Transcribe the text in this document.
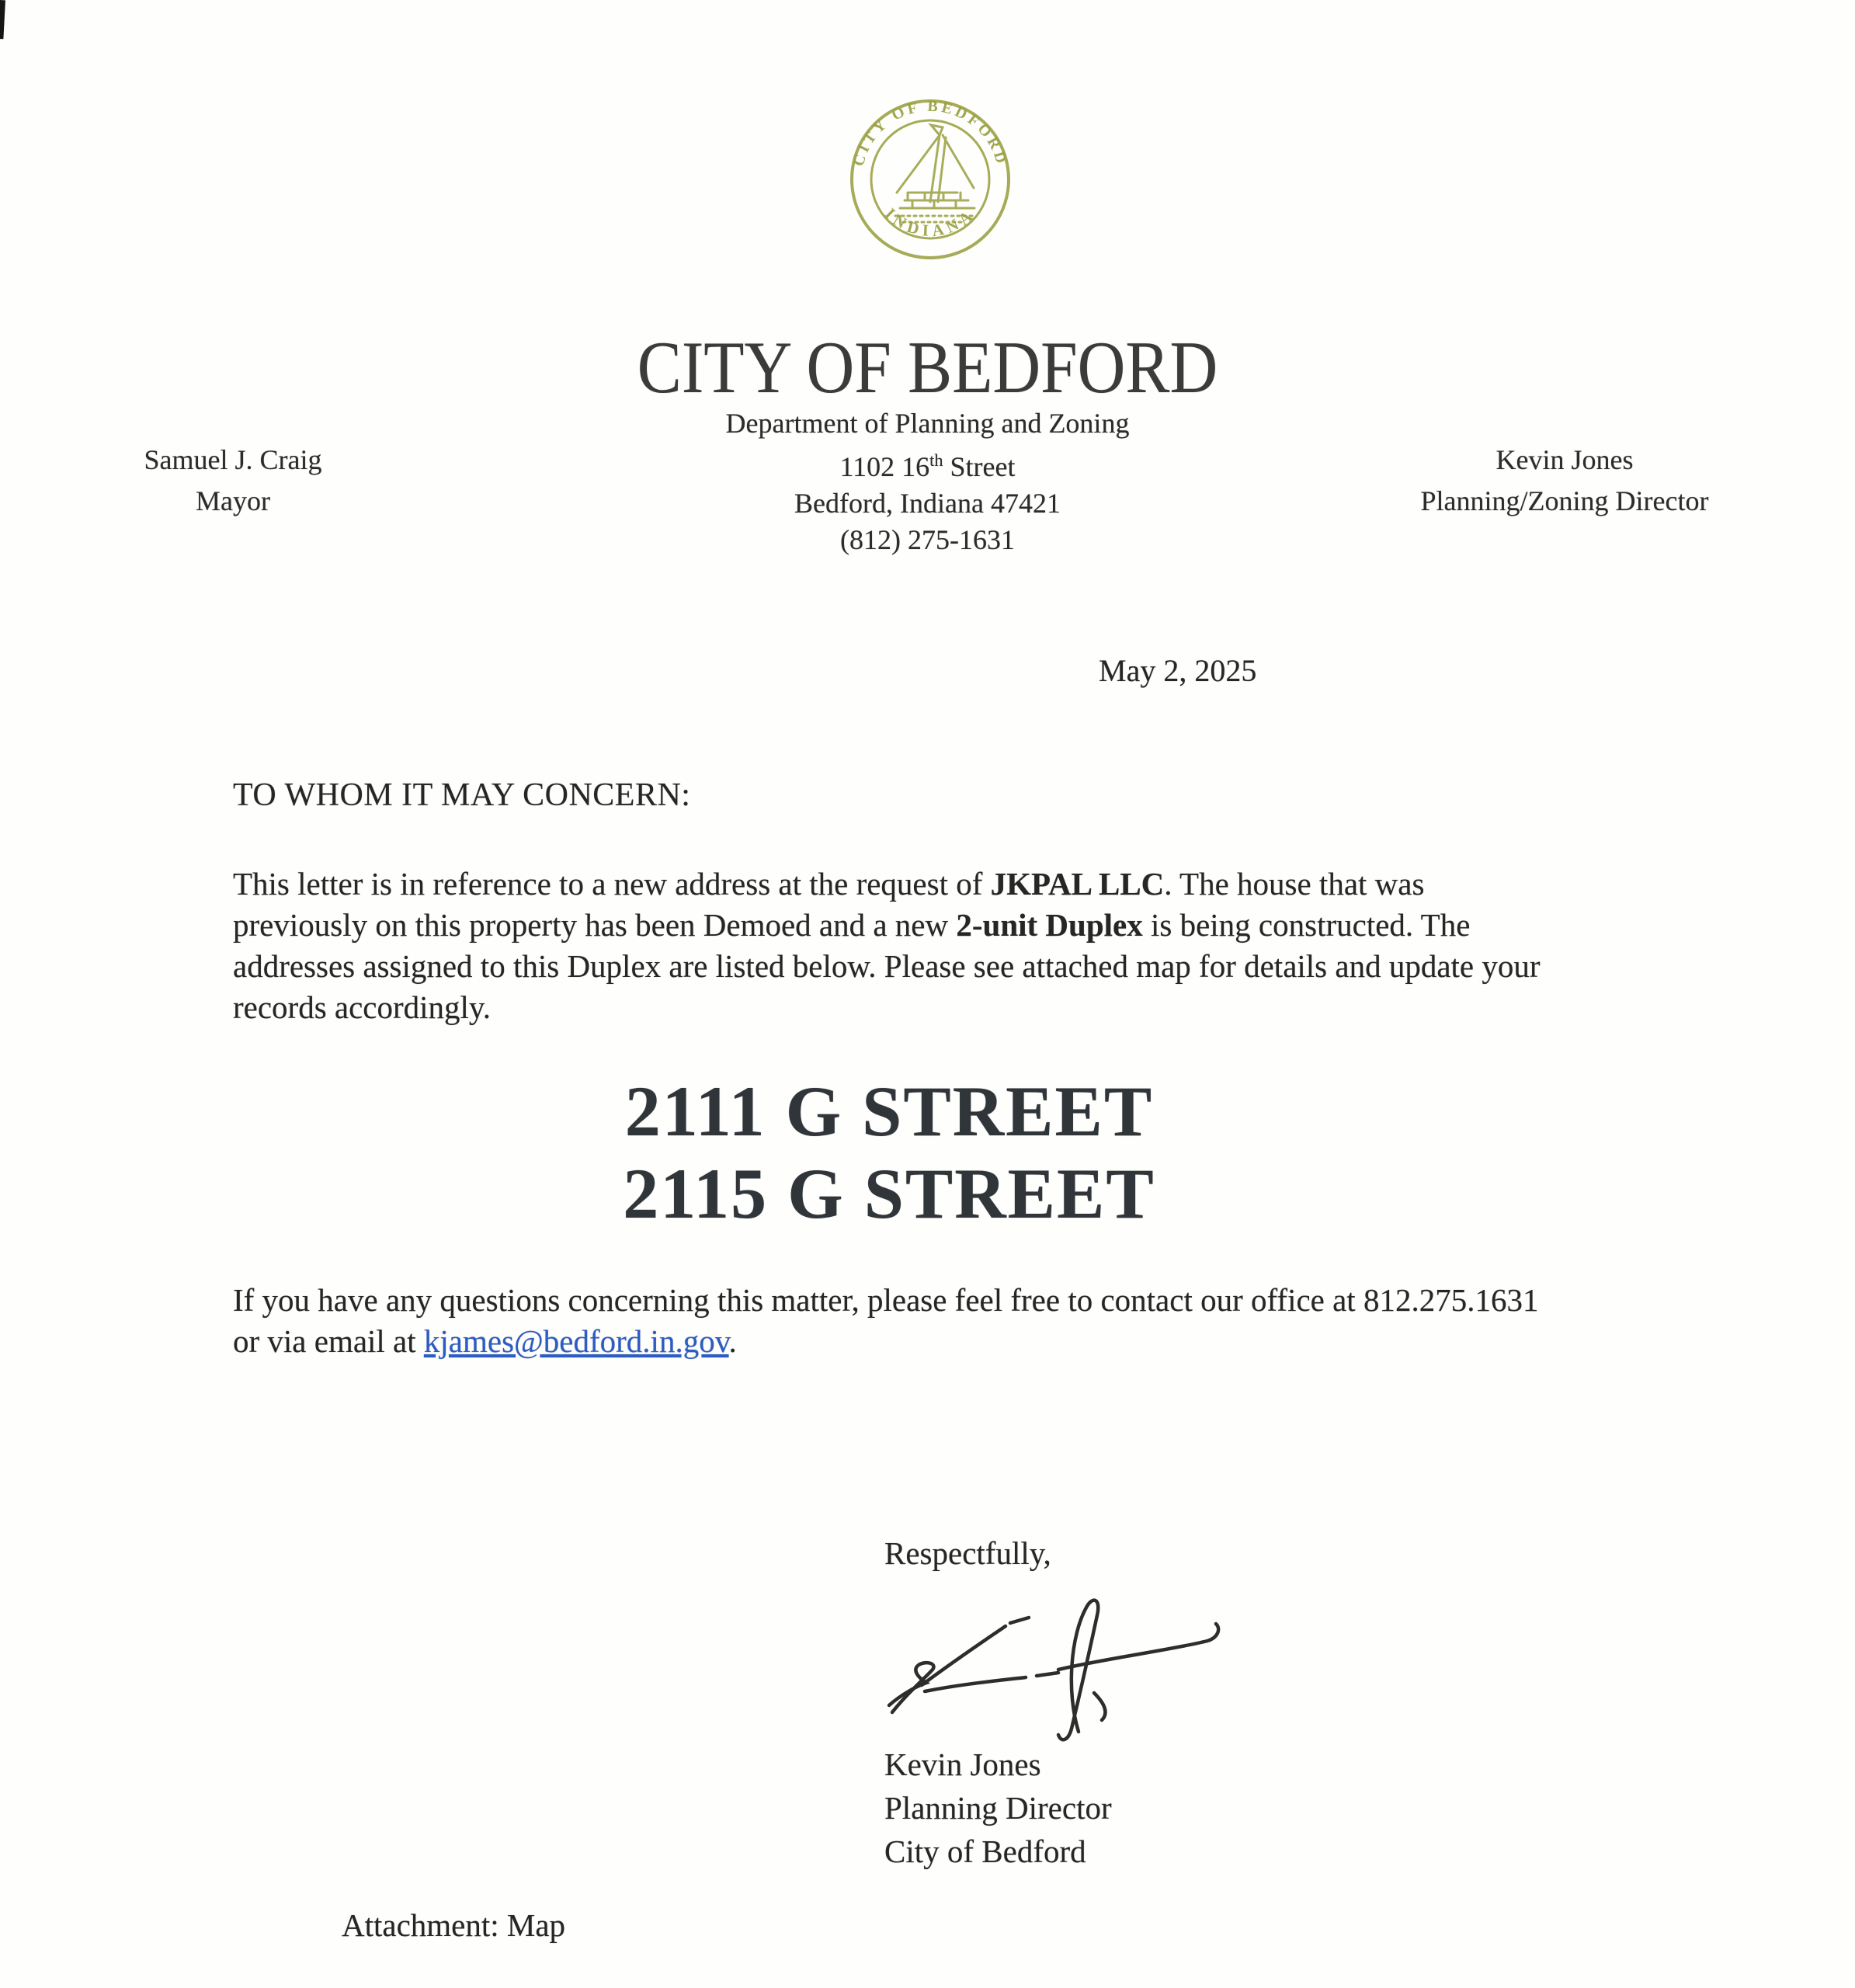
CITY OF BEDFORD
INDIANA
CITY OF BEDFORD
Department of Planning and Zoning
1102 16th Street
Bedford, Indiana 47421
(812) 275-1631
Samuel J. Craig
Mayor
Kevin Jones
Planning/Zoning Director
May 2, 2025
TO WHOM IT MAY CONCERN:
This letter is in reference to a new address at the request of JKPAL LLC. The house that was previously on this property has been Demoed and a new 2-unit Duplex is being constructed. The addresses assigned to this Duplex are listed below. Please see attached map for details and update your records accordingly.
2111 G STREET
2115 G STREET
If you have any questions concerning this matter, please feel free to contact our office at 812.275.1631 or via email at kjames@bedford.in.gov.
Respectfully,
Kevin Jones
Planning Director
City of Bedford
Attachment: Map
